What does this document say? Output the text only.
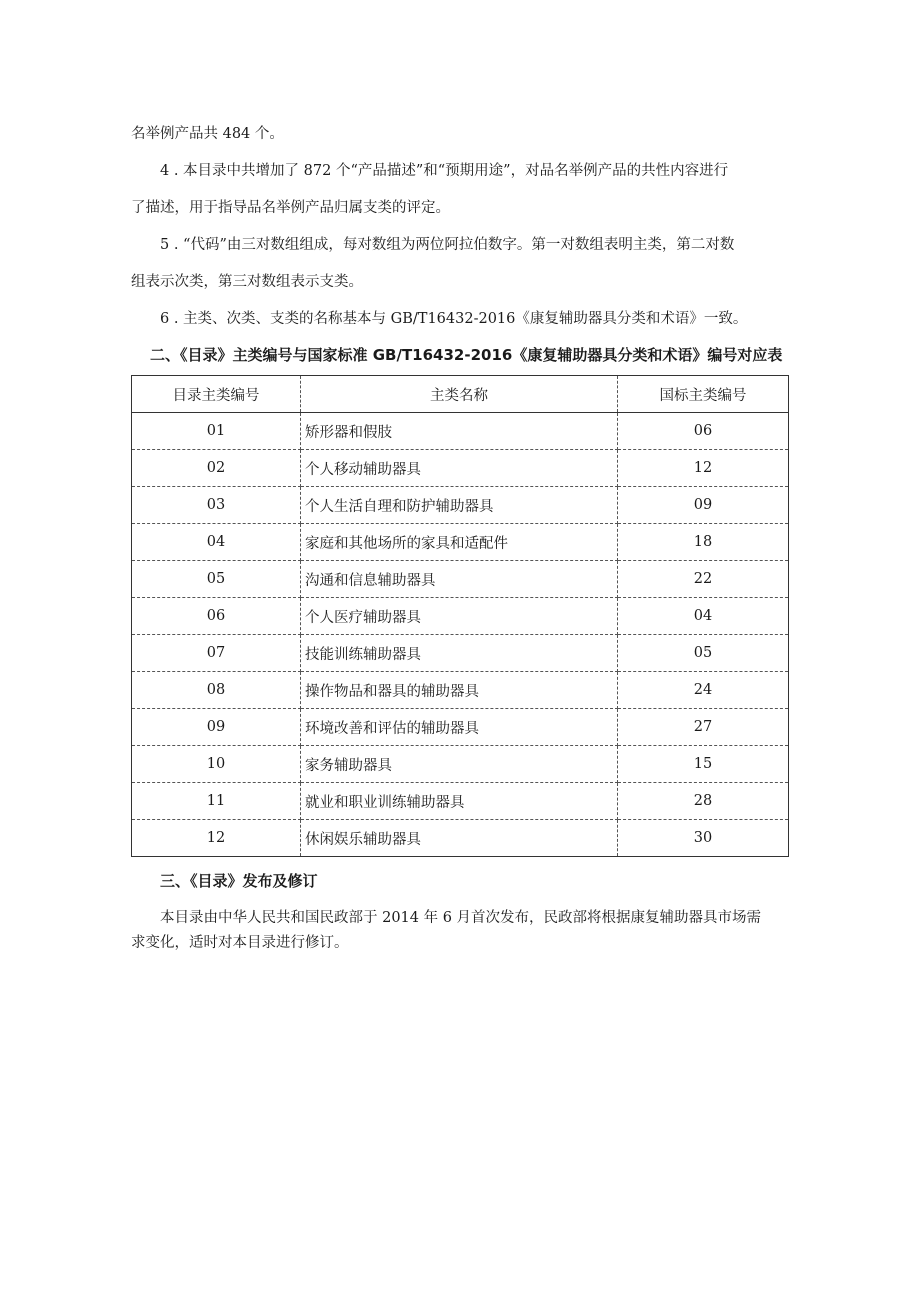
名举例产品共 484 个。
4 . 本目录中共增加了 872 个“产品描述”和“预期用途”，对品名举例产品的共性内容进行
了描述，用于指导品名举例产品归属支类的评定。
5 . “代码”由三对数组组成，每对数组为两位阿拉伯数字。第一对数组表明主类，第二对数
组表示次类，第三对数组表示支类。
6 . 主类、次类、支类的名称基本与 GB/T16432-2016《康复辅助器具分类和术语》一致。
二、《目录》主类编号与国家标准 GB/T16432-2016《康复辅助器具分类和术语》编号对应表
目录主类编号	主类名称	国标主类编号
01	矫形器和假肢	06
02	个人移动辅助器具	12
03	个人生活自理和防护辅助器具	09
04	家庭和其他场所的家具和适配件	18
05	沟通和信息辅助器具	22
06	个人医疗辅助器具	04
07	技能训练辅助器具	05
08	操作物品和器具的辅助器具	24
09	环境改善和评估的辅助器具	27
10	家务辅助器具	15
11	就业和职业训练辅助器具	28
12	休闲娱乐辅助器具	30
三、《目录》发布及修订
本目录由中华人民共和国民政部于 2014 年 6 月首次发布，民政部将根据康复辅助器具市场需
求变化，适时对本目录进行修订。
